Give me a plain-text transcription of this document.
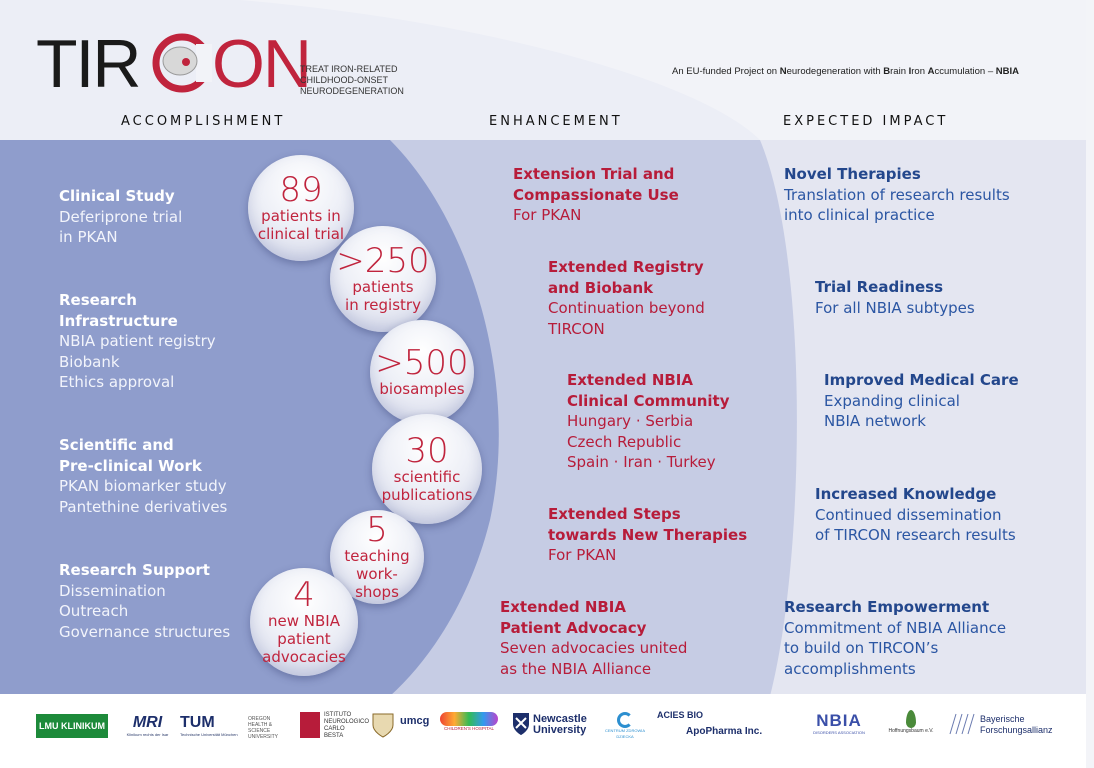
TIR ON
TREAT IRON-RELATED
CHILDHOOD-ONSET
NEURODEGENERATION
An EU-funded Project on Neurodegeneration with Brain Iron Accumulation – NBIA
ACCOMPLISHMENT	ENHANCEMENT	EXPECTED IMPACT
Clinical Study
Deferiprone trial
in PKAN
Research
Infrastructure
NBIA patient registry
Biobank
Ethics approval
Scientific and
Pre-clinical Work
PKAN biomarker study
Pantethine derivatives
Research Support
Dissemination
Outreach
Governance structures
89
patients in
clinical trial
>250
patients
in registry
>500
biosamples
30
scientific
publications
5
teaching
work-
shops
4
new NBIA
patient
advocacies
Extension Trial and
Compassionate Use
For PKAN
Extended Registry
and Biobank
Continuation beyond
TIRCON
Extended NBIA
Clinical Community
Hungary · Serbia
Czech Republic
Spain · Iran · Turkey
Extended Steps
towards New Therapies
For PKAN
Extended NBIA
Patient Advocacy
Seven advocacies united
as the NBIA Alliance
Novel Therapies
Translation of research results
into clinical practice
Trial Readiness
For all NBIA subtypes
Improved Medical Care
Expanding clinical
NBIA network
Increased Knowledge
Continued dissemination
of TIRCON research results
Research Empowerment
Commitment of NBIA Alliance
to build on TIRCON’s
accomplishments
LMU KLINIKUM	MRI
Klinikum rechts der Isar
TUM
Technische Universität München
OREGON HEALTH & SCIENCE UNIVERSITY
ISTITUTO NEUROLOGICO CARLO BESTA
umcg
CHILDREN'S HOSPITAL
Newcastle University	CENTRUM ZDROWIA DZIECKA
ACIES BIO
ApoPharma Inc.
NBIA
DISORDERS ASSOCIATION	Hoffnungsbaum e.V.
Bayerische Forschungsallianz
